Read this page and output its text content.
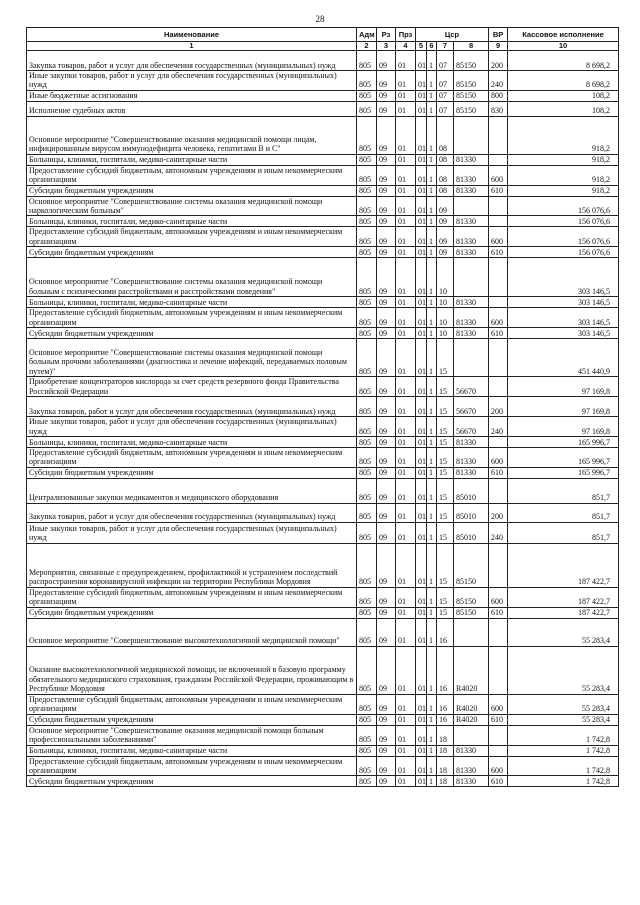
28
Наименование	Адм	Рз	Прз	Цср				ВР	Кассовое исполнение
1	2	3	4	5	6	7	8	9	10
Закупка товаров, работ и услуг для обеспечения государственных (муниципальных) нужд	805	09	01	01	1	07	85150	200	8 698,2
Иные закупки товаров, работ и услуг для обеспечения государственных (муниципальных) нужд	805	09	01	01	1	07	85150	240	8 698,2
Иные бюджетные ассигнования	805	09	01	01	1	07	85150	800	108,2
Исполнение судебных актов	805	09	01	01	1	07	85150	830	108,2
Основное мероприятие "Совершенствование оказания медицинской помощи лицам, инфицированным вирусом иммунодефицита человека, гепатитами В и С"	805	09	01	01	1	08			918,2
Больницы, клиники, госпитали, медико-санитарные части	805	09	01	01	1	08	81330		918,2
Предоставление субсидий бюджетным, автономным учреждениям и иным некоммерческим организациям	805	09	01	01	1	08	81330	600	918,2
Субсидии бюджетным учреждениям	805	09	01	01	1	08	81330	610	918,2
Основное мероприятие "Совершенствование системы оказания медицинской помощи наркологическим больным"	805	09	01	01	1	09			156 076,6
Больницы, клиники, госпитали, медико-санитарные части	805	09	01	01	1	09	81330		156 076,6
Предоставление субсидий бюджетным, автономным учреждениям и иным некоммерческим организациям	805	09	01	01	1	09	81330	600	156 076,6
Субсидии бюджетным учреждениям	805	09	01	01	1	09	81330	610	156 076,6
Основное мероприятие "Совершенствование системы оказания медицинской помощи больным с психическими расстройствами и расстройствами поведения"	805	09	01	01	1	10			303 146,5
Больницы, клиники, госпитали, медико-санитарные части	805	09	01	01	1	10	81330		303 146,5
Предоставление субсидий бюджетным, автономным учреждениям и иным некоммерческим организациям	805	09	01	01	1	10	81330	600	303 146,5
Субсидии бюджетным учреждениям	805	09	01	01	1	10	81330	610	303 146,5
Основное мероприятие "Совершенствование системы оказания медицинской помощи больным прочими заболеваниями (диагностика и лечение инфекций, передаваемых половым путем)"	805	09	01	01	1	15			451 440,9
Приобретение концентраторов кислорода за счет средств резервного фонда Правительства Российской Федерации	805	09	01	01	1	15	56670		97 169,8
Закупка товаров, работ и услуг для обеспечения государственных (муниципальных) нужд	805	09	01	01	1	15	56670	200	97 169,8
Иные закупки товаров, работ и услуг для обеспечения государственных (муниципальных) нужд	805	09	01	01	1	15	56670	240	97 169,8
Больницы, клиники, госпитали, медико-санитарные части	805	09	01	01	1	15	81330		165 996,7
Предоставление субсидий бюджетным, автономным учреждениям и иным некоммерческим организациям	805	09	01	01	1	15	81330	600	165 996,7
Субсидии бюджетным учреждениям	805	09	01	01	1	15	81330	610	165 996,7
Централизованные закупки медикаментов и медицинского оборудования	805	09	01	01	1	15	85010		851,7
Закупка товаров, работ и услуг для обеспечения государственных (муниципальных) нужд	805	09	01	01	1	15	85010	200	851,7
Иные закупки товаров, работ и услуг для обеспечения государственных (муниципальных) нужд	805	09	01	01	1	15	85010	240	851,7
Мероприятия, связанные с предупреждением, профилактикой и устранением последствий распространения коронавирусной инфекции на территории Республики Мордовия	805	09	01	01	1	15	85150		187 422,7
Предоставление субсидий бюджетным, автономным учреждениям и иным некоммерческим организациям	805	09	01	01	1	15	85150	600	187 422,7
Субсидии бюджетным учреждениям	805	09	01	01	1	15	85150	610	187 422,7
Основное мероприятие "Совершенствование высокотехнологичной медицинской помощи"	805	09	01	01	1	16			55 283,4
Оказание высокотехнологичной медицинской помощи, не включенной в базовую программу обязательного медицинского страхования, гражданам Российской Федерации, проживающим в Республике Мордовия	805	09	01	01	1	16	R4020		55 283,4
Предоставление субсидий бюджетным, автономным учреждениям и иным некоммерческим организациям	805	09	01	01	1	16	R4020	600	55 283,4
Субсидии бюджетным учреждениям	805	09	01	01	1	16	R4020	610	55 283,4
Основное мероприятие "Совершенствование оказания медицинской помощи больным профессиональными заболеваниями"	805	09	01	01	1	18			1 742,8
Больницы, клиники, госпитали, медико-санитарные части	805	09	01	01	1	18	81330		1 742,8
Предоставление субсидий бюджетным, автономным учреждениям и иным некоммерческим организациям	805	09	01	01	1	18	81330	600	1 742,8
Субсидии бюджетным учреждениям	805	09	01	01	1	18	81330	610	1 742,8
